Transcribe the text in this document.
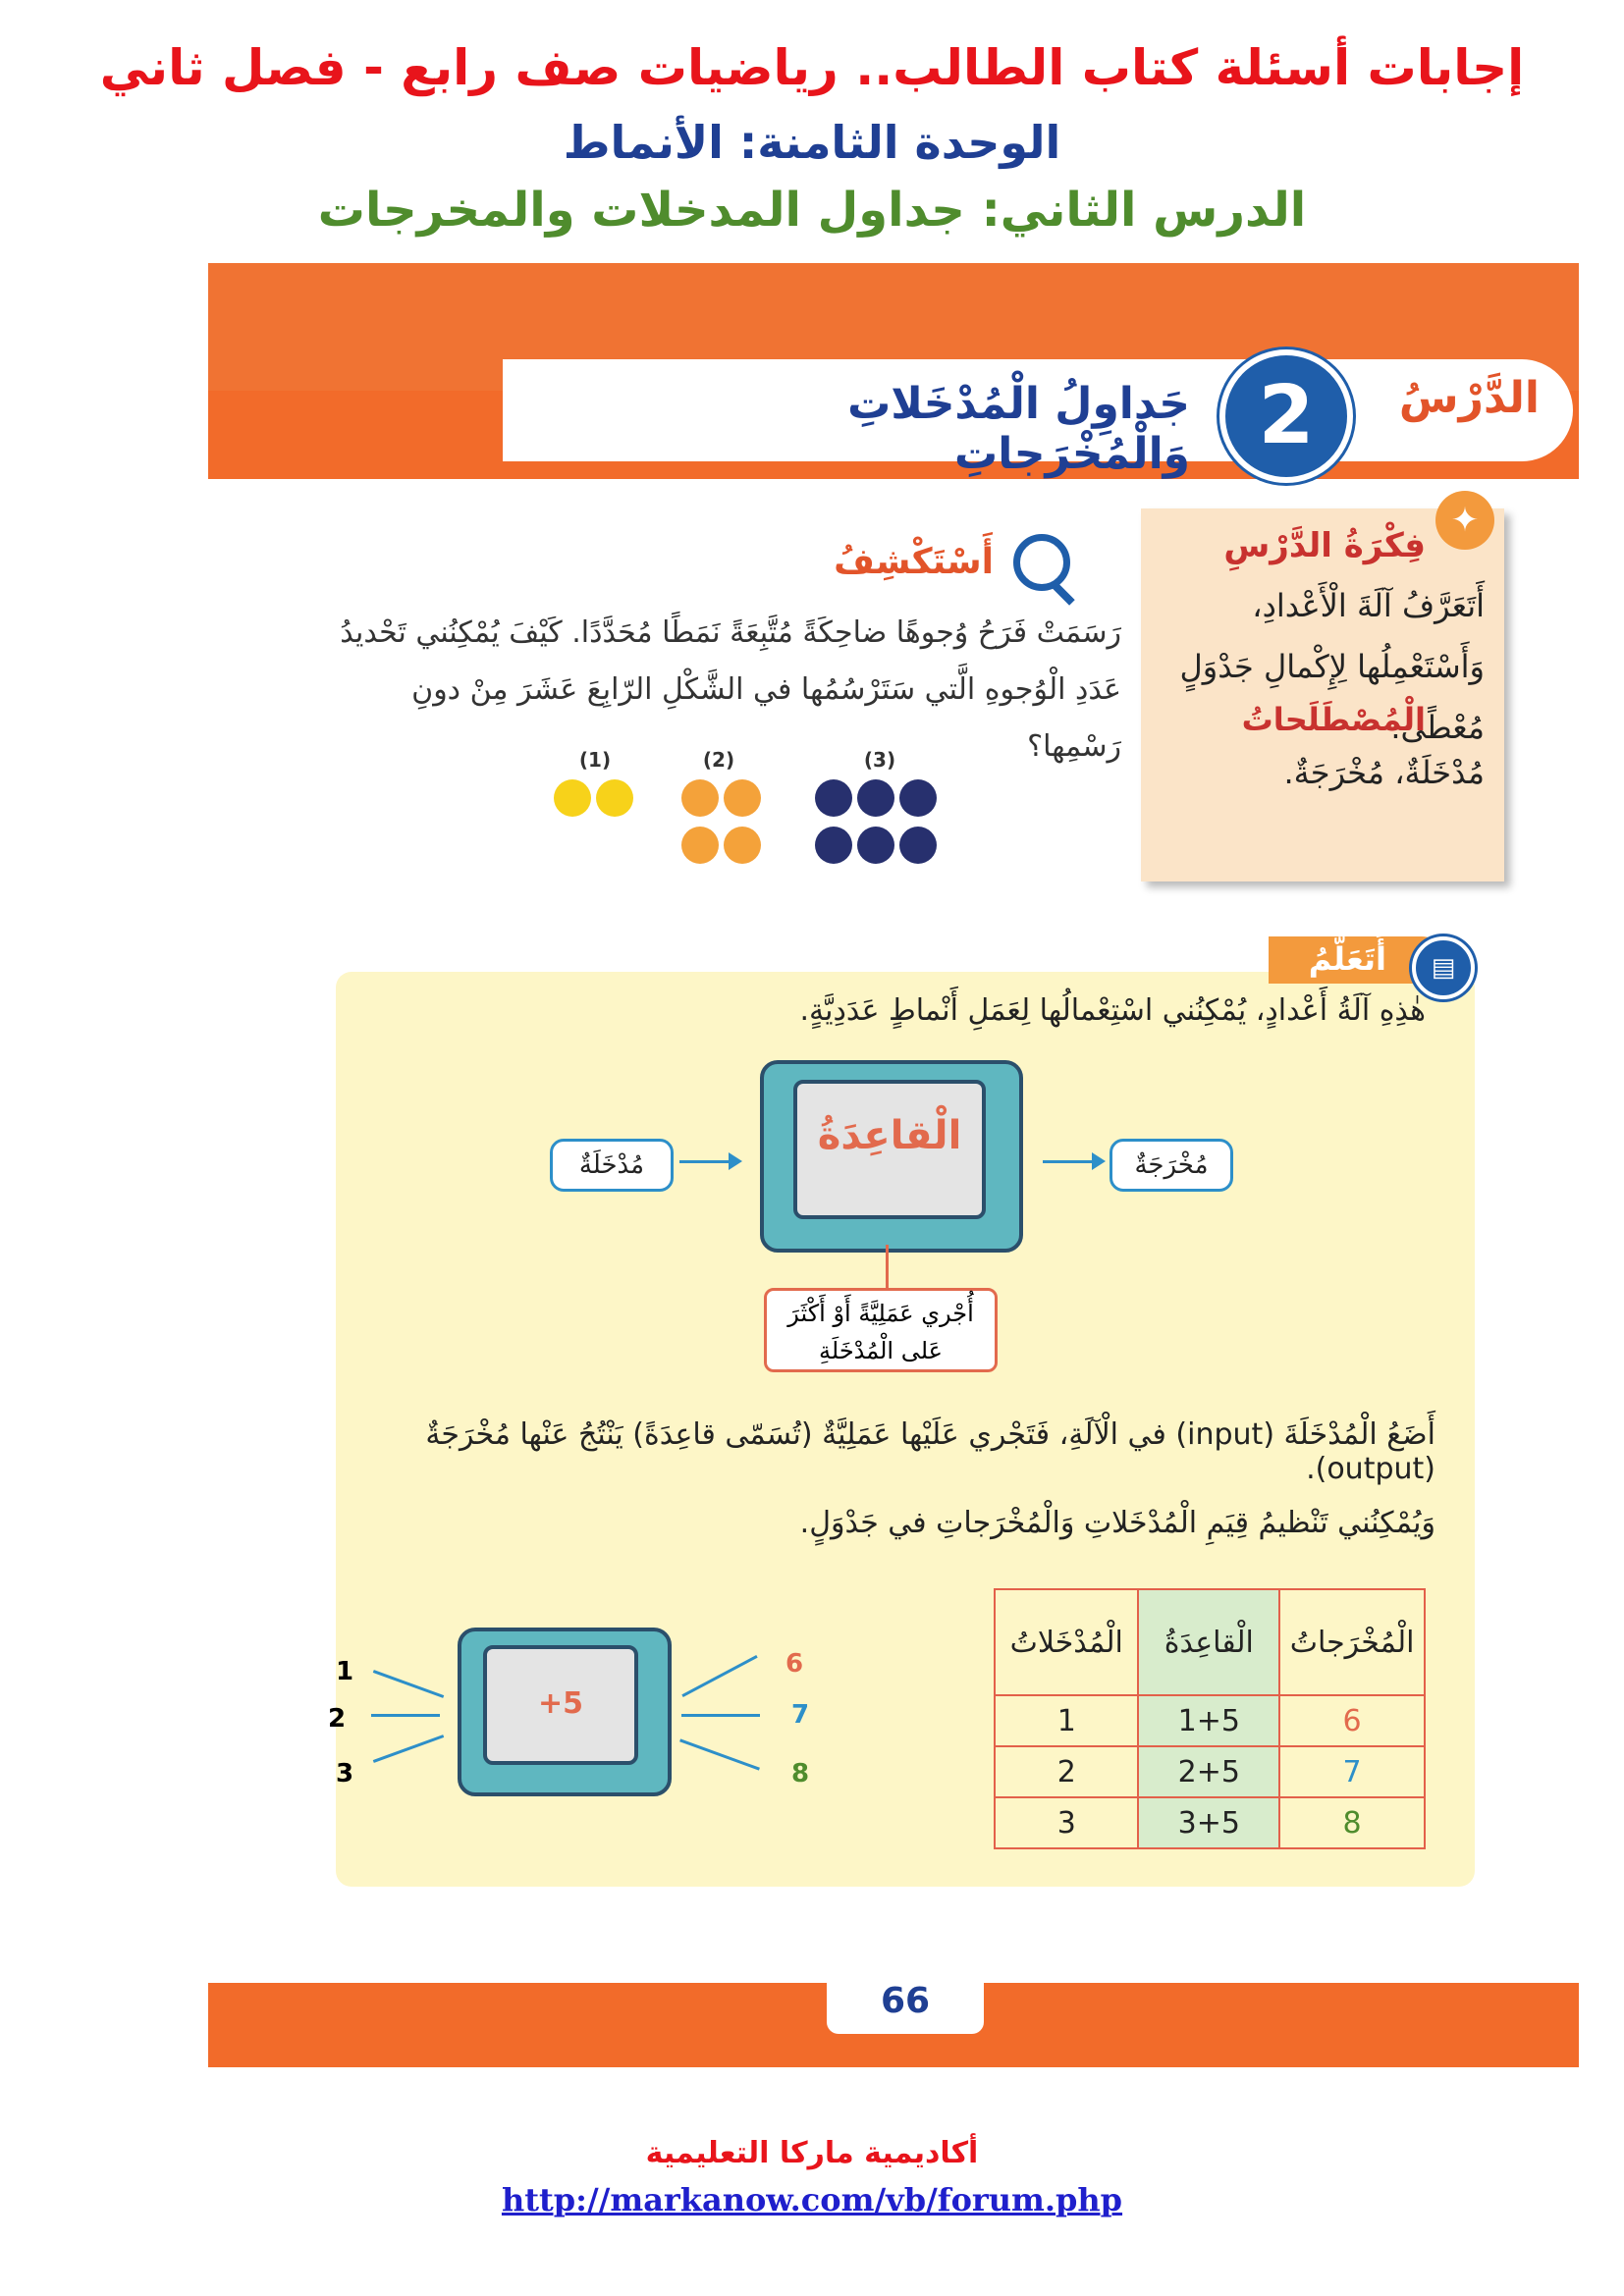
إجابات أسئلة كتاب الطالب.. رياضيات صف رابع - فصل ثاني
الوحدة الثامنة: الأنماط
الدرس الثاني: جداول المدخلات والمخرجات
الدَّرْسُ
2
جَداوِلُ الْمُدْخَلاتِ وَالْمُخْرَجاتِ
✦
فِكْرَةُ الدَّرْسِ
أَتَعَرَّفُ آلَةَ الْأَعْدادِ، وَأَسْتَعْمِلُها لِإِكْمالِ جَدْوَلٍ مُعْطًى.
الْمُصْطَلَحاتُ
مُدْخَلَةٌ، مُخْرَجَةٌ.
أَسْتَكْشِفُ
رَسَمَتْ فَرَحُ وُجوهًا ضاحِكَةً مُتَّبِعَةً نَمَطًا مُحَدَّدًا. كَيْفَ يُمْكِنُني تَحْديدُ عَدَدِ الْوُجوهِ الَّتي سَتَرْسُمُها في الشَّكْلِ الرّابِعَ عَشَرَ مِنْ دونِ رَسْمِها؟
(1)	(2)	(3)

أَتَعَلَّمُ	▤
هٰذِهِ آلَةُ أَعْدادٍ، يُمْكِنُني اسْتِعْمالُها لِعَمَلِ أَنْماطٍ عَدَدِيَّةٍ.
مُدْخَلَةٌ
الْقاعِدَةُ
مُخْرَجَةٌ
أُجْري عَمَلِيَّةً أَوْ أَكْثَرَ عَلى الْمُدْخَلَةِ
أَضَعُ الْمُدْخَلَةَ (input) في الْآلَةِ، فَتَجْري عَلَيْها عَمَلِيَّةٌ (تُسَمّى قاعِدَةً) يَنْتُجُ عَنْها مُخْرَجَةٌ (output).
وَيُمْكِنُني تَنْظيمُ قِيَمِ الْمُدْخَلاتِ وَالْمُخْرَجاتِ في جَدْوَلٍ.
1
2
3
+5
6
7
8
الْمُدْخَلاتُ	الْقاعِدَةُ	الْمُخْرَجاتُ
1	1+5	6
2	2+5	7
3	3+5	8
66
أكاديمية ماركا التعليمية
http://markanow.com/vb/forum.php
